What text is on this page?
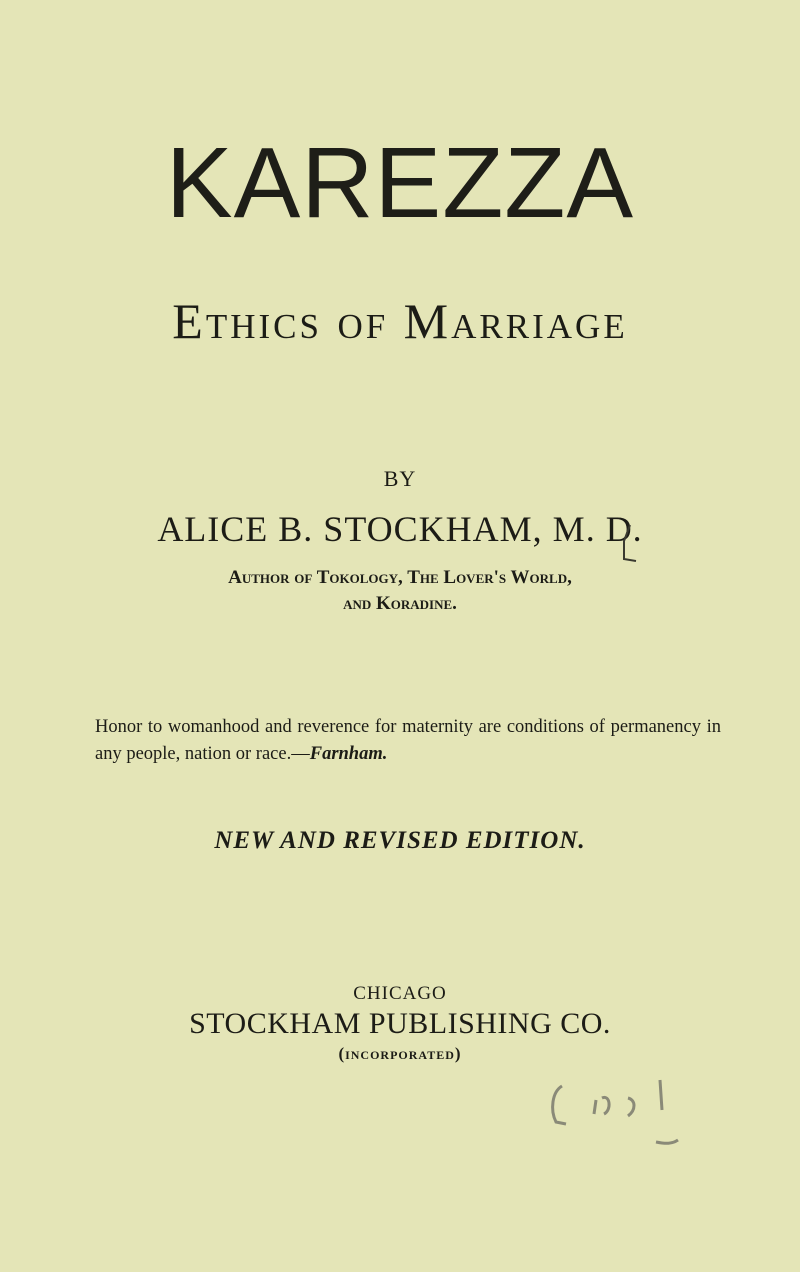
KAREZZA
Ethics of Marriage
BY
ALICE B. STOCKHAM, M. D.
Author of Tokology, The Lover's World,
and Koradine.
Honor to womanhood and reverence for maternity are conditions of permanency in any people, nation or race.—Farnham.
NEW AND REVISED EDITION.
CHICAGO
STOCKHAM PUBLISHING CO.
(incorporated)
